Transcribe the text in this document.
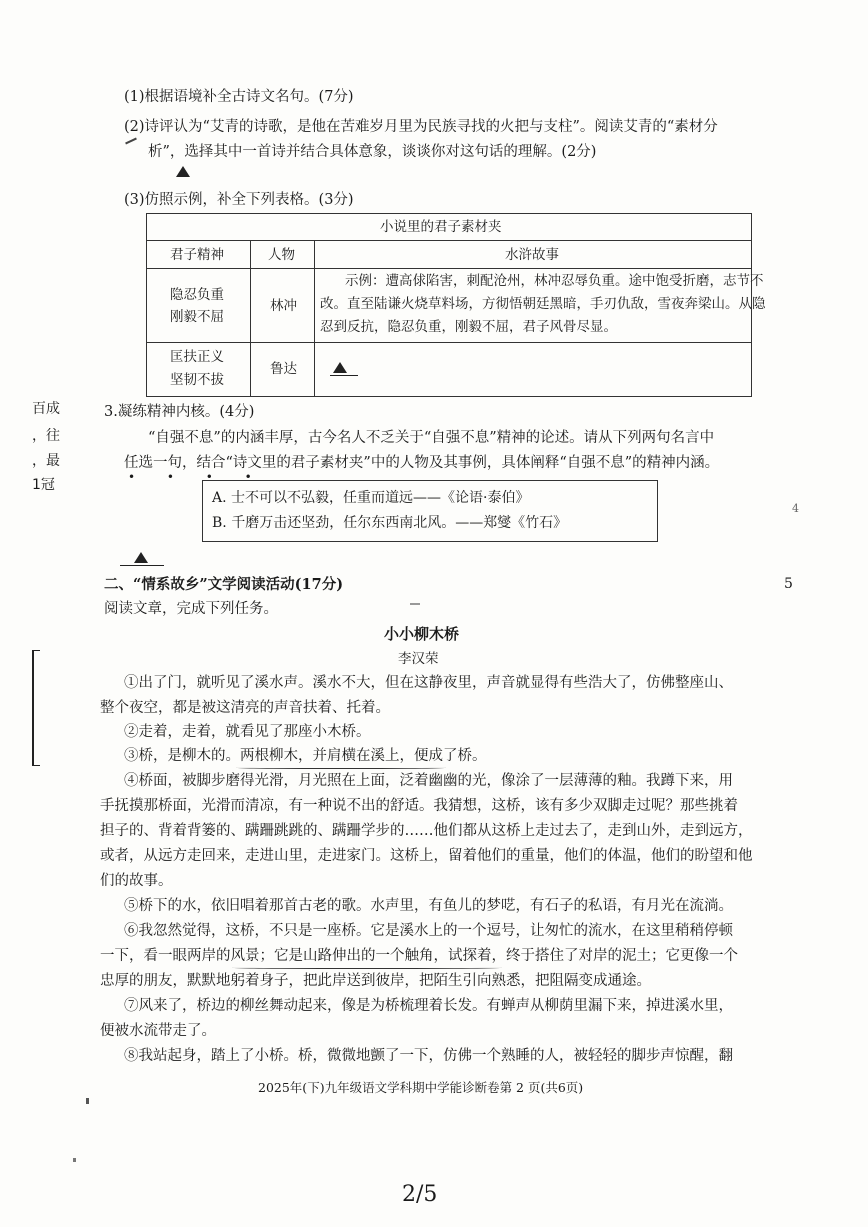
(1)根据语境补全古诗文名句。(7分)
(2)诗评认为“艾青的诗歌，是他在苦难岁月里为民族寻找的火把与支柱”。阅读艾青的“素材分
析”，选择其中一首诗并结合具体意象，谈谈你对这句话的理解。(2分)
(3)仿照示例，补全下列表格。(3分)
小说里的君子素材夹
君子精神	人物	水浒故事
隐忍负重
刚毅不屈
林冲
示例：遭高俅陷害，刺配沧州，林冲忍辱负重。途中饱受折磨，志节不
改。直至陆谦火烧草料场，方彻悟朝廷黑暗，手刃仇敌，雪夜奔梁山。从隐
忍到反抗，隐忍负重，刚毅不屈，君子风骨尽显。
匡扶正义
坚韧不拔
鲁达
百成
，往
，最
1冠
4
5
3.凝练精神内核。(4分)
“自强不息”的内涵丰厚，古今名人不乏关于“自强不息”精神的论述。请从下列两句名言中
任选一句，结合“诗文里的君子素材夹”中的人物及其事例，具体阐释“自强不息”的精神内涵。
• • • •
A. 士不可以不弘毅，任重而道远——《论语·泰伯》
B. 千磨万击还坚劲，任尔东西南北风。——郑燮《竹石》
二、“情系故乡”文学阅读活动(17分)
阅读文章，完成下列任务。
小小柳木桥
李汉荣
①出了门，就听见了溪水声。溪水不大，但在这静夜里，声音就显得有些浩大了，仿佛整座山、
整个夜空，都是被这清亮的声音扶着、托着。
②走着，走着，就看见了那座小木桥。
③桥，是柳木的。两根柳木，并肩横在溪上，便成了桥。
④桥面，被脚步磨得光滑，月光照在上面，泛着幽幽的光，像涂了一层薄薄的釉。我蹲下来，用
手抚摸那桥面，光滑而清凉，有一种说不出的舒适。我猜想，这桥，该有多少双脚走过呢？那些挑着
担子的、背着背篓的、蹒跚跳跳的、蹒跚学步的……他们都从这桥上走过去了，走到山外，走到远方，
或者，从远方走回来，走进山里，走进家门。这桥上，留着他们的重量，他们的体温，他们的盼望和他
们的故事。
⑤桥下的水，依旧唱着那首古老的歌。水声里，有鱼儿的梦呓，有石子的私语，有月光在流淌。
⑥我忽然觉得，这桥，不只是一座桥。它是溪水上的一个逗号，让匆忙的流水，在这里稍稍停顿
一下，看一眼两岸的风景；它是山路伸出的一个触角，试探着，终于搭住了对岸的泥土；它更像一个
忠厚的朋友，默默地躬着身子，把此岸送到彼岸，把陌生引向熟悉，把阻隔变成通途。
⑦风来了，桥边的柳丝舞动起来，像是为桥梳理着长发。有蝉声从柳荫里漏下来，掉进溪水里，
便被水流带走了。
⑧我站起身，踏上了小桥。桥，微微地颤了一下，仿佛一个熟睡的人，被轻轻的脚步声惊醒，翻
2025年(下)九年级语文学科期中学能诊断卷第 2 页(共6页)
2/5
